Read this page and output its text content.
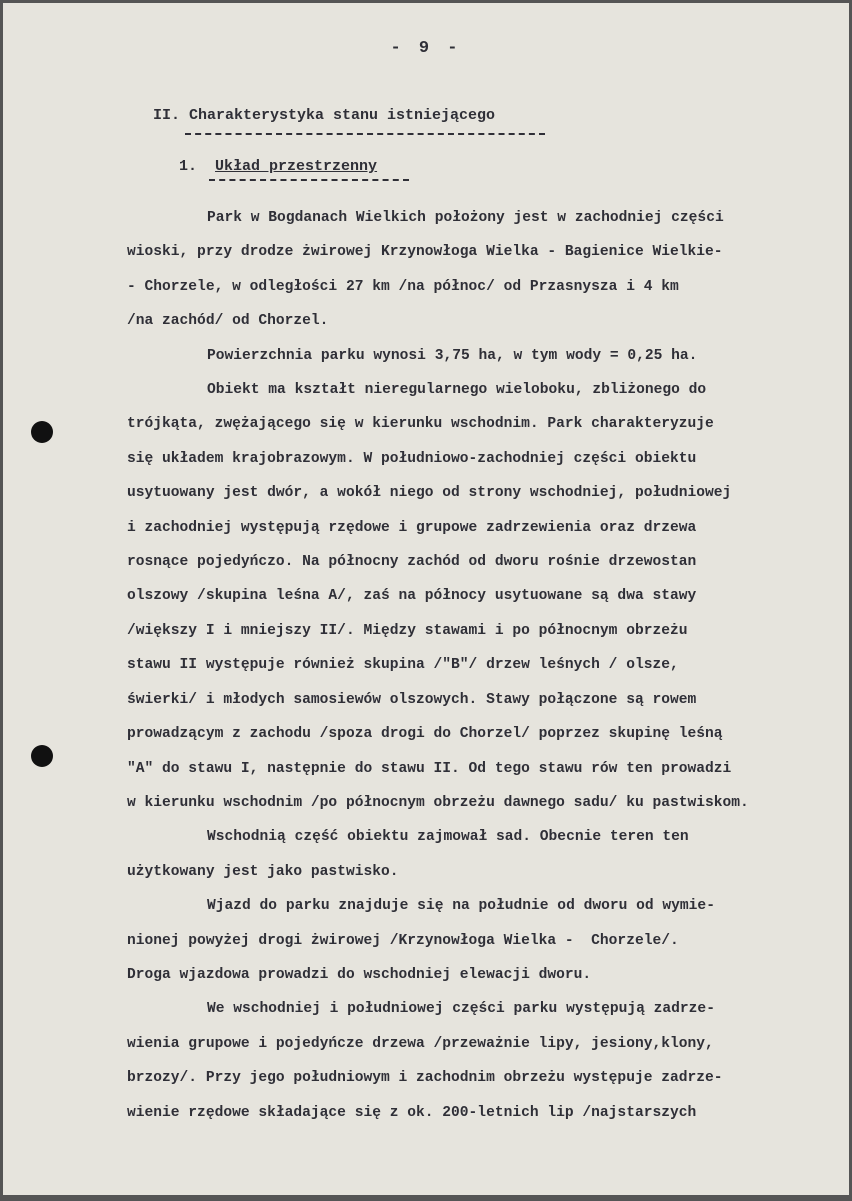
- 9 -
II. Charakterystyka stanu istniejącego
1. Układ przestrzenny

Park w Bogdanach Wielkich położony jest w zachodniej części

wioski, przy drodze żwirowej Krzynowłoga Wielka - Bagienice Wielkie-

- Chorzele, w odległości 27 km /na północ/ od Przasnysza i 4 km

/na zachód/ od Chorzel.

Powierzchnia parku wynosi 3,75 ha, w tym wody = 0,25 ha.

Obiekt ma kształt nieregularnego wieloboku, zbliżonego do

trójkąta, zwężającego się w kierunku wschodnim. Park charakteryzuje

się układem krajobrazowym. W południowo-zachodniej części obiektu

usytuowany jest dwór, a wokół niego od strony wschodniej, południowej

i zachodniej występują rzędowe i grupowe zadrzewienia oraz drzewa

rosnące pojedyńczo. Na północny zachód od dworu rośnie drzewostan

olszowy /skupina leśna A/, zaś na północy usytuowane są dwa stawy

/większy I i mniejszy II/. Między stawami i po północnym obrzeżu

stawu II występuje również skupina /"B"/ drzew leśnych / olsze,

świerki/ i młodych samosiewów olszowych. Stawy połączone są rowem

prowadzącym z zachodu /spoza drogi do Chorzel/ poprzez skupinę leśną

"A" do stawu I, następnie do stawu II. Od tego stawu rów ten prowadzi

w kierunku wschodnim /po północnym obrzeżu dawnego sadu/ ku pastwiskom.

Wschodnią część obiektu zajmował sad. Obecnie teren ten

użytkowany jest jako pastwisko.

Wjazd do parku znajduje się na południe od dworu od wymie-

nionej powyżej drogi żwirowej /Krzynowłoga Wielka -  Chorzele/.

Droga wjazdowa prowadzi do wschodniej elewacji dworu.

We wschodniej i południowej części parku występują zadrze-

wienia grupowe i pojedyńcze drzewa /przeważnie lipy, jesiony,klony,

brzozy/. Przy jego południowym i zachodnim obrzeżu występuje zadrze-

wienie rzędowe składające się z ok. 200-letnich lip /najstarszych
